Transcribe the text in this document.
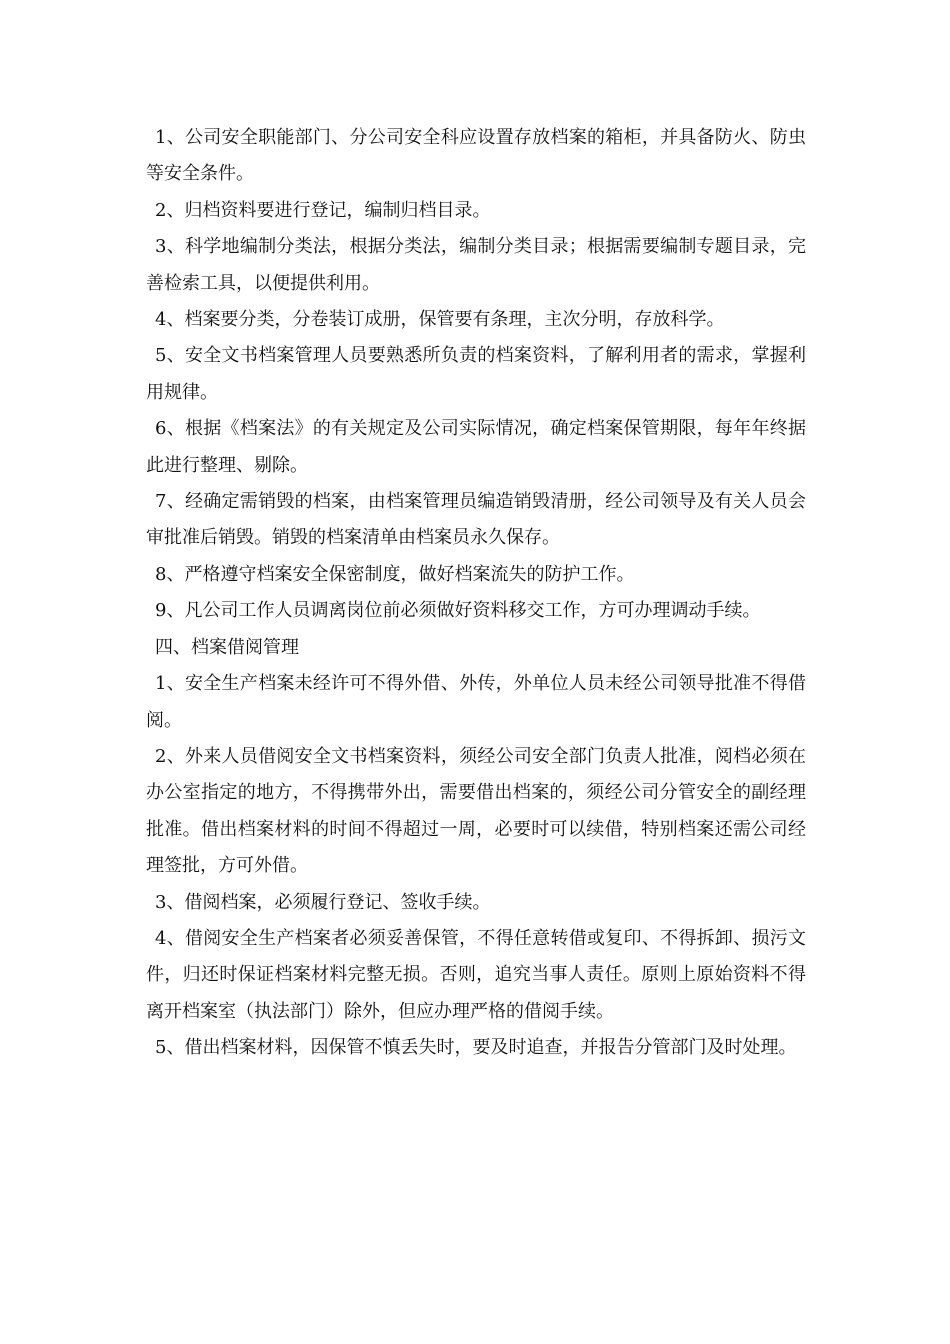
1、公司安全职能部门、分公司安全科应设置存放档案的箱柜，并具备防火、防虫等安全条件。

2、归档资料要进行登记，编制归档目录。

3、科学地编制分类法，根据分类法，编制分类目录；根据需要编制专题目录，完善检索工具，以便提供利用。

4、档案要分类，分卷装订成册，保管要有条理，主次分明，存放科学。

5、安全文书档案管理人员要熟悉所负责的档案资料，了解利用者的需求，掌握利用规律。

6、根据《档案法》的有关规定及公司实际情况，确定档案保管期限，每年年终据此进行整理、剔除。

7、经确定需销毁的档案，由档案管理员编造销毁清册，经公司领导及有关人员会审批准后销毁。销毁的档案清单由档案员永久保存。

8、严格遵守档案安全保密制度，做好档案流失的防护工作。

9、凡公司工作人员调离岗位前必须做好资料移交工作，方可办理调动手续。

四、档案借阅管理

1、安全生产档案未经许可不得外借、外传，外单位人员未经公司领导批准不得借阅。

2、外来人员借阅安全文书档案资料，须经公司安全部门负责人批准，阅档必须在办公室指定的地方，不得携带外出，需要借出档案的，须经公司分管安全的副经理批准。借出档案材料的时间不得超过一周，必要时可以续借，特别档案还需公司经理签批，方可外借。

3、借阅档案，必须履行登记、签收手续。

4、借阅安全生产档案者必须妥善保管，不得任意转借或复印、不得拆卸、损污文件，归还时保证档案材料完整无损。否则，追究当事人责任。原则上原始资料不得离开档案室（执法部门）除外，但应办理严格的借阅手续。

5、借出档案材料，因保管不慎丢失时，要及时追查，并报告分管部门及时处理。
